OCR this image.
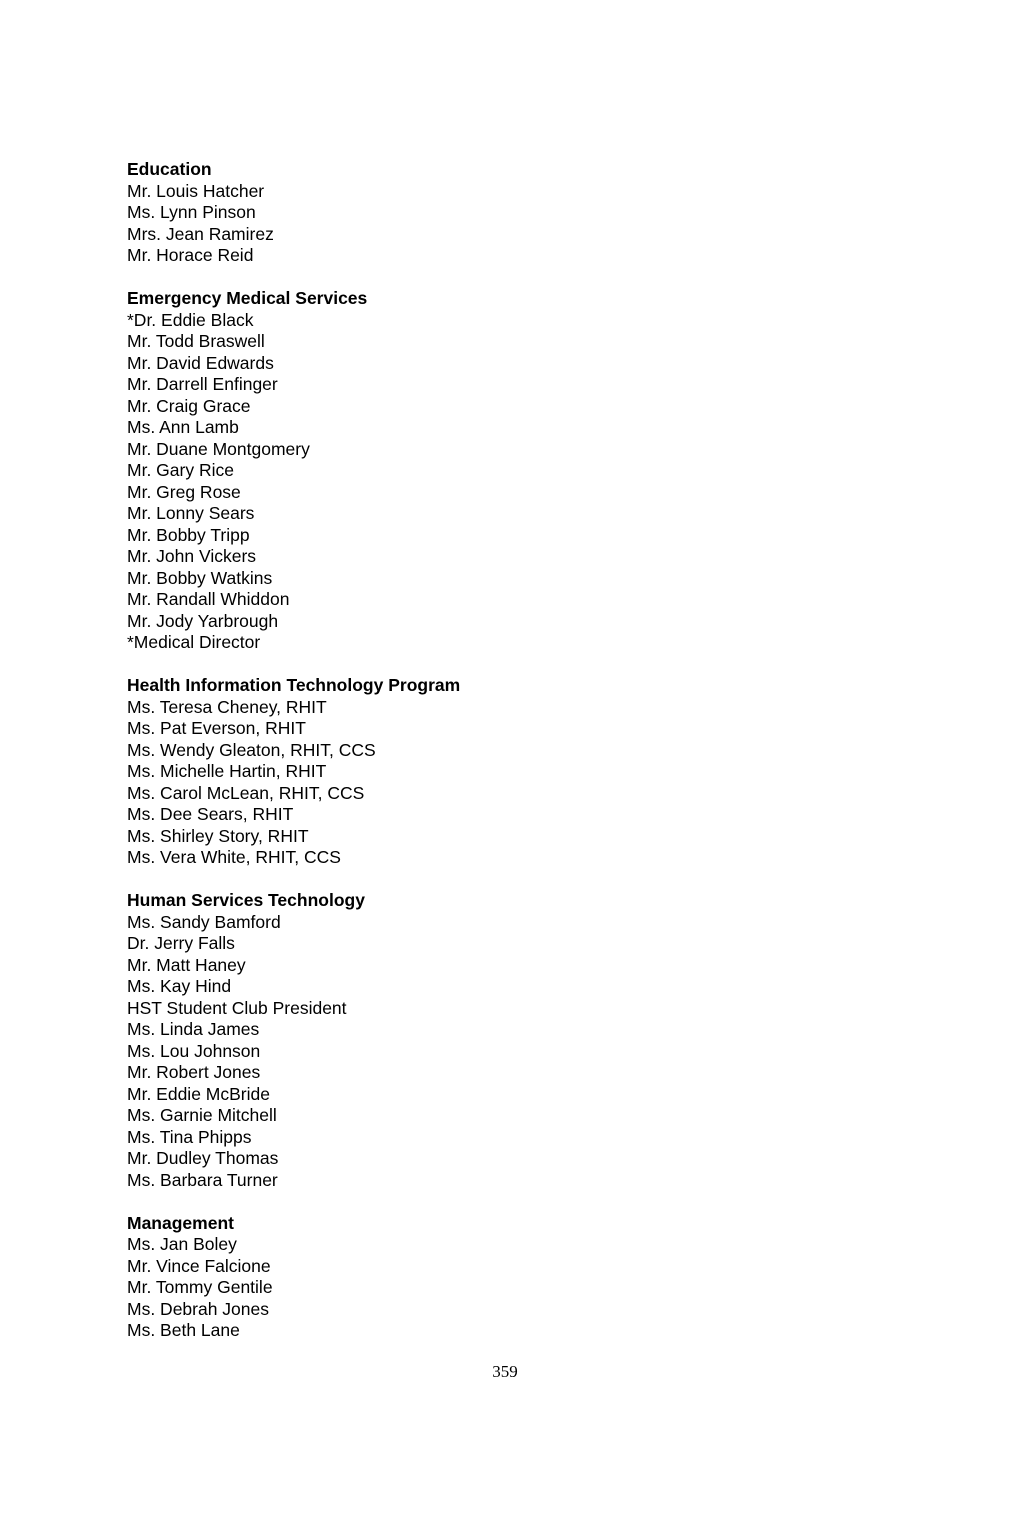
Education
Mr. Louis Hatcher
Ms. Lynn Pinson
Mrs. Jean Ramirez
Mr. Horace Reid
Emergency Medical Services
*Dr. Eddie Black
Mr. Todd Braswell
Mr. David Edwards
Mr. Darrell Enfinger
Mr. Craig Grace
Ms. Ann Lamb
Mr. Duane Montgomery
Mr. Gary Rice
Mr. Greg Rose
Mr. Lonny Sears
Mr. Bobby Tripp
Mr. John Vickers
Mr. Bobby Watkins
Mr. Randall Whiddon
Mr. Jody Yarbrough
*Medical Director
Health Information Technology Program
Ms. Teresa Cheney, RHIT
Ms. Pat Everson, RHIT
Ms. Wendy Gleaton, RHIT, CCS
Ms. Michelle Hartin, RHIT
Ms. Carol McLean, RHIT, CCS
Ms. Dee Sears, RHIT
Ms. Shirley Story, RHIT
Ms. Vera White, RHIT, CCS
Human Services Technology
Ms. Sandy Bamford
Dr. Jerry Falls
Mr. Matt Haney
Ms. Kay Hind
HST Student Club President
Ms. Linda James
Ms. Lou Johnson
Mr. Robert Jones
Mr. Eddie McBride
Ms. Garnie Mitchell
Ms. Tina Phipps
Mr. Dudley Thomas
Ms. Barbara Turner
Management
Ms. Jan Boley
Mr. Vince Falcione
Mr. Tommy Gentile
Ms. Debrah Jones
Ms. Beth Lane
359
